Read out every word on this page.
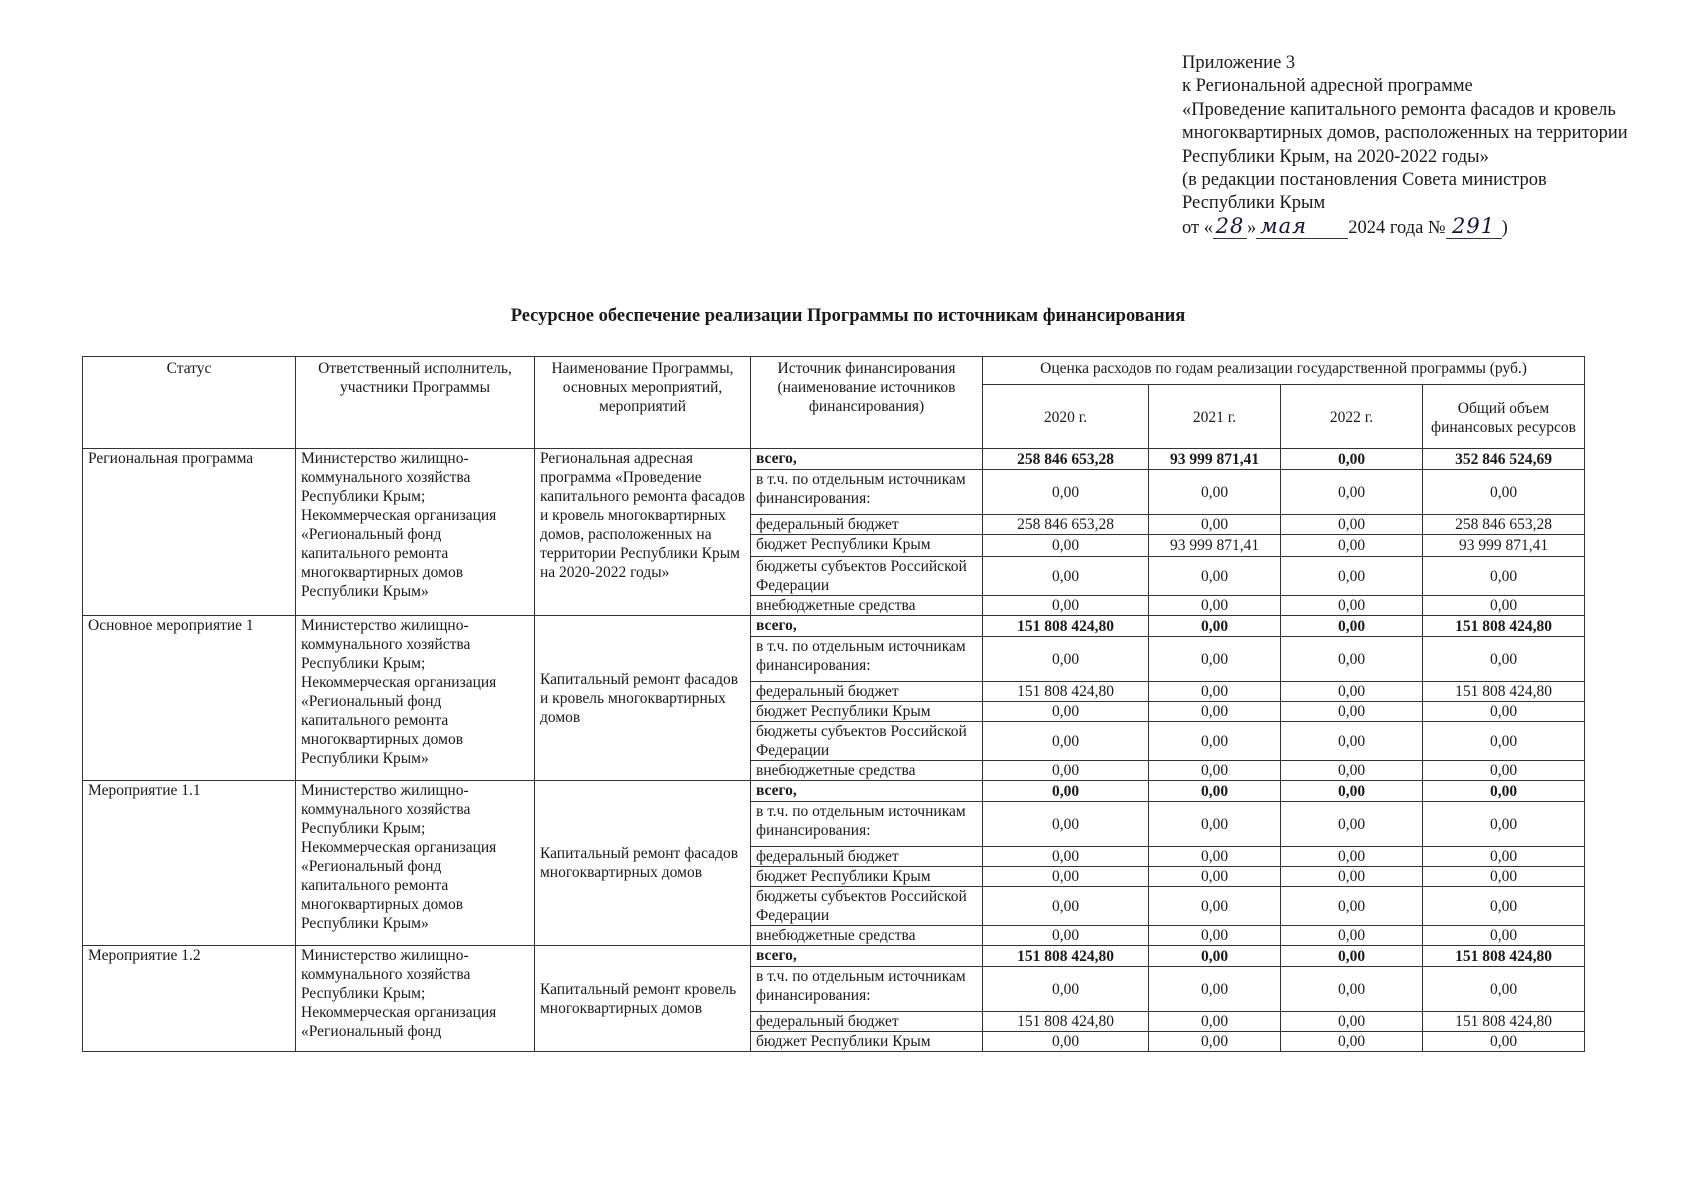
Приложение 3
к Региональной адресной программе
«Проведение капитального ремонта фасадов и кровель
многоквартирных домов, расположенных на территории
Республики Крым, на 2020-2022 годы»
(в редакции постановления Совета министров
Республики Крым
от « 28 » мая 2024 года № 291 )
Ресурсное обеспечение реализации Программы по источникам финансирования
Статус	Ответственный исполнитель, участники Программы	Наименование Программы, основных мероприятий, мероприятий	Источник финансирования (наименование источников финансирования)	Оценка расходов по годам реализации государственной программы (руб.)			
				2020 г.	2021 г.	2022 г.	Общий объем финансовых ресурсов
Региональная программа	Министерство жилищно-коммунального хозяйства Республики Крым; Некоммерческая организация «Региональный фонд капитального ремонта многоквартирных домов Республики Крым»	Региональная адресная программа «Проведение капитального ремонта фасадов и кровель многоквартирных домов, расположенных на территории Республики Крым на 2020-2022 годы»	всего,	258 846 653,28	93 999 871,41	0,00	352 846 524,69
			в т.ч. по отдельным источникам финансирования:	0,00	0,00	0,00	0,00
			федеральный бюджет	258 846 653,28	0,00	0,00	258 846 653,28
			бюджет Республики Крым	0,00	93 999 871,41	0,00	93 999 871,41
			бюджеты субъектов Российской Федерации	0,00	0,00	0,00	0,00
			внебюджетные средства	0,00	0,00	0,00	0,00
Основное мероприятие 1	Министерство жилищно-коммунального хозяйства Республики Крым; Некоммерческая организация «Региональный фонд капитального ремонта многоквартирных домов Республики Крым»	Капитальный ремонт фасадов и кровель многоквартирных домов	всего,	151 808 424,80	0,00	0,00	151 808 424,80
			в т.ч. по отдельным источникам финансирования:	0,00	0,00	0,00	0,00
			федеральный бюджет	151 808 424,80	0,00	0,00	151 808 424,80
			бюджет Республики Крым	0,00	0,00	0,00	0,00
			бюджеты субъектов Российской Федерации	0,00	0,00	0,00	0,00
			внебюджетные средства	0,00	0,00	0,00	0,00
Мероприятие 1.1	Министерство жилищно-коммунального хозяйства Республики Крым; Некоммерческая организация «Региональный фонд капитального ремонта многоквартирных домов Республики Крым»	Капитальный ремонт фасадов многоквартирных домов	всего,	0,00	0,00	0,00	0,00
			в т.ч. по отдельным источникам финансирования:	0,00	0,00	0,00	0,00
			федеральный бюджет	0,00	0,00	0,00	0,00
			бюджет Республики Крым	0,00	0,00	0,00	0,00
			бюджеты субъектов Российской Федерации	0,00	0,00	0,00	0,00
			внебюджетные средства	0,00	0,00	0,00	0,00
Мероприятие 1.2	Министерство жилищно-коммунального хозяйства Республики Крым; Некоммерческая организация «Региональный фонд	Капитальный ремонт кровель многоквартирных домов	всего,	151 808 424,80	0,00	0,00	151 808 424,80
			в т.ч. по отдельным источникам финансирования:	0,00	0,00	0,00	0,00
			федеральный бюджет	151 808 424,80	0,00	0,00	151 808 424,80
			бюджет Республики Крым	0,00	0,00	0,00	0,00
